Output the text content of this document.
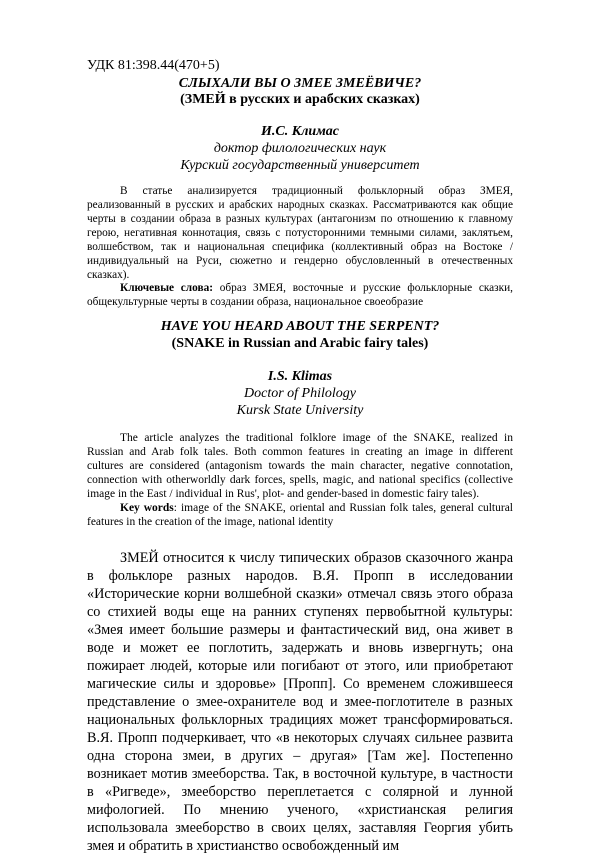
УДК 81:398.44(470+5)
СЛЫХАЛИ ВЫ О ЗМЕЕ ЗМЕЁВИЧЕ?
(ЗМЕЙ в русских и арабских сказках)
И.С. Климас
доктор филологических наук
Курский государственный университет

В статье анализируется традиционный фольклорный образ ЗМЕЯ, реализованный в русских и арабских народных сказках. Рассматриваются как общие черты в создании образа в разных культурах (антагонизм по отношению к главному герою, негативная коннотация, связь с потусторонними темными силами, заклятьем, волшебством, так и национальная специфика (коллективный образ на Востоке / индивидуальный на Руси, сюжетно и гендерно обусловленный в отечественных сказках).

Ключевые слова: образ ЗМЕЯ, восточные и русские фольклорные сказки, общекультурные черты в создании образа, национальное своеобразие

HAVE YOU HEARD ABOUT THE SERPENT?
(SNAKE in Russian and Arabic fairy tales)
I.S. Klimas
Doctor of Philology
Kursk State University

The article analyzes the traditional folklore image of the SNAKE, realized in Russian and Arab folk tales. Both common features in creating an image in different cultures are considered (antagonism towards the main character, negative connotation, connection with otherworldly dark forces, spells, magic, and national specifics (collective image in the East / individual in Rus', plot- and gender-based in domestic fairy tales).

Key words: image of the SNAKE, oriental and Russian folk tales, general cultural features in the creation of the image, national identity

ЗМЕЙ относится к числу типических образов сказочного жанра в фольклоре разных народов. В.Я. Пропп в исследовании «Исторические корни волшебной сказки» отмечал связь этого образа со стихией воды еще на ранних ступенях первобытной культуры: «Змея имеет большие размеры и фантастический вид, она живет в воде и может ее поглотить, задержать и вновь извергнуть; она пожирает людей, которые или погибают от этого, или приобретают магические силы и здоровье» [Пропп]. Со временем сложившееся представление о змее-охранителе вод и змее-поглотителе в разных национальных фольклорных традициях может трансформироваться. В.Я. Пропп подчеркивает, что «в некоторых случаях сильнее развита одна сторона змеи, в других – другая» [Там же]. Постепенно возникает мотив змееборства. Так, в восточной культуре, в частности в «Ригведе», змееборство переплетается с солярной и лунной мифологией. По мнению ученого, «христианская религия использовала змееборство в своих целях, заставляя Георгия убить змея и обратить в христианство освобожденный им
